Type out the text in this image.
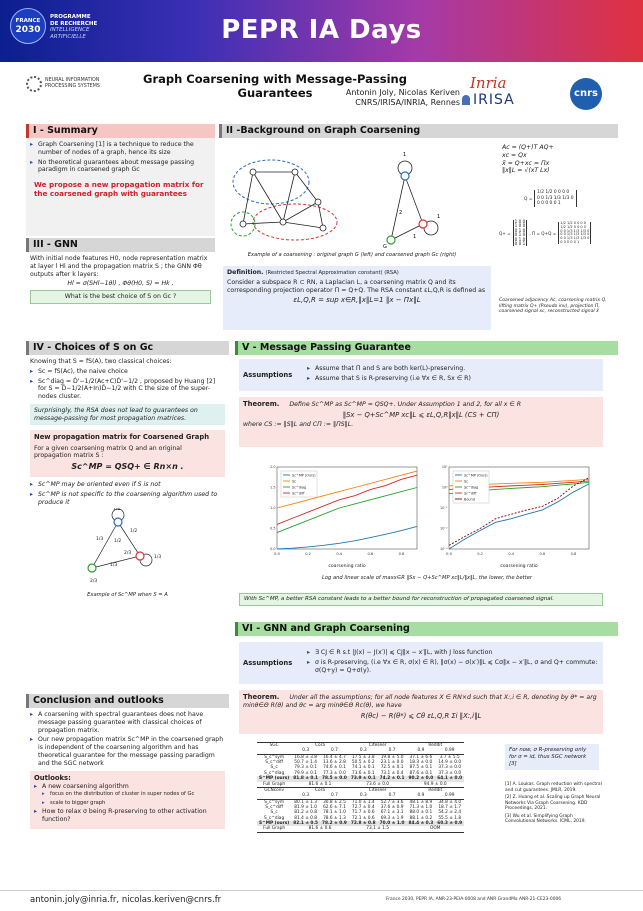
FRANCE
2030
PROGRAMME
DE RECHERCHE
INTELLIGENCE
ARTIFICIELLE	PEPR IA Days
NEURAL INFORMATION
PROCESSING SYSTEMS
Graph Coarsening with Message-Passing Guarantees	Antonin Joly, Nicolas Keriven
CNRS/IRISA/INRIA, Rennes
Inria
IRISA	cnrs
I - Summary
▸ Graph Coarsening [1] is a technique to reduce the number of nodes of a graph, hence its size
▸ No theoretical guarantees about message passing paradigm in coarsened graph Gc
We propose a new propagation matrix for the coarsened graph with guarantees
III - GNN
With initial node features H0, node representation matrix at layer l Hl and the propagation matrix S ; the GNN Φθ outputs after k layers:
Hl = σ(SHl−1θl) , Φθ(H0, S) = Hk ,
What is the best choice of S on Gc ?
II -Background on Graph Coarsening
1
1
2
1
G
Example of a coarsening : original graph G (left) and coarsened graph Gc (right)
Definition. (Restricted Spectral Approximation constant) (RSA)
Consider a subspace R ⊂ RN, a Laplacian L, a coarsening matrix Q and its corresponding projection operator Π = Q+Q. The RSA constant εL,Q,R is defined as
εL,Q,R = sup x∈R,‖x‖L=1 ‖x − Πx‖L
Ac = (Q+)T AQ+
xc = Qx
x̃ = Q+xc = Πx
‖x‖L = √(xT Lx)
Q =
1/2 1/2 0 0 0 0
0 0 1/3 1/3 1/3 0
0 0 0 0 0 1
Q+ =
1 0 0
1 0 0
0 1 0
0 1 0
0 1 0
0 0 1
, Π = Q+Q =
1/2 1/2 0 0 0 0
1/2 1/2 0 0 0 0
0 0 1/3 1/3 1/3 0
0 0 1/3 1/3 1/3 0
0 0 1/3 1/3 1/3 0
0 0 0 0 0 1
Coarsened adjacency Ac, coarsening matrix Q, lifting matrix Q+ (Pseudo inv), projection Π, coarsened signal xc, reconstructed signal x̃
IV - Choices of S on Gc
Knowing that S = fS(A), two classical choices:
▸ Sc = fS(Ac), the naive choice
▸ Sc^diag = D̂'−1/2(Ac+C)D̂'−1/2 , proposed by Huang [2] for S = D̃−1/2(A+In)D̃−1/2 with C the size of the super-nodes cluster.
Surprisingly, the RSA does not lead to guarantees on message-passing for most propagation matrices.
New propagation matrix for Coarsened Graph
For a given coarsening matrix Q and an original propagation matrix S :
Sc^MP = QSQ+ ∈ Rn×n .
▸ Sc^MP may be oriented even if S is not
▸ Sc^MP is not specific to the coarsening algorithm used to produce it
1/2
1/2
1/3 1/2
2/3
1/3
1/3
2/3
Example of Sc^MP when S = A
V - Message Passing Guarantee
Assumptions
▸ Assume that Π and S are both ker(L)-preserving.
▸ Assume that S is R-preserving (i.e ∀x ∈ R, Sx ∈ R)
Theorem. Define Sc^MP as Sc^MP = QSQ+. Under Assumption 1 and 2, for all x ∈ R
‖Sx − Q+Sc^MP xc‖L ⩽ εL,Q,R‖x‖L (CS + CΠ)
where CS := ‖S‖L and CΠ := ‖ΠS‖L.
0.0	0.2	0.4	0.6	0.8
0.0
0.5
1.0
1.5
2.0
Sc^MP (Ours)
Sc
Sc^diag
Sc^diff
coarsening ratio
0.0	0.2	0.4	0.6	0.8
10⁻³
10⁻²
10⁻¹
10⁰
10¹
Sc^MP (Ours)
Sc
Sc^diag
Sc^diff
Bound
coarsening ratio
Log and linear scale of maxx∈R ‖Sx − Q+Sc^MP xc‖L/‖x‖L, the lower, the better
With Sc^MP, a better RSA constant leads to a better bound for reconstruction of propagated coarsened signal.
VI - GNN and Graph Coarsening
Assumptions
▸ ∃ CJ ∈ R s.t |J(x) − J(x′)| ⩽ CJ‖x − x′‖L, with J loss function
▸ σ is R-preserving, (i.e ∀x ∈ R, σ(x) ∈ R), ‖σ(x) − σ(x′)‖L ⩽ Cσ‖x − x′‖L, σ and Q+ commute: σ(Q+y) = Q+σ(y).
Theorem. Under all the assumptions; for all node features X ∈ RN×d such that X:,i ∈ R, denoting by θ* = arg minθ∈Θ R(θ) and θc = arg minθ∈Θ Rc(θ), we have
R(θc) − R(θ*) ⩽ Cθ εL,Q,R Σi ‖X:,i‖L
SGC	Cora		Citeseer		Reddit	
	0.3	0.7	0.3	0.7	0.9	0.99
S_c^sym	16.8 ± 3.8	16.4 ± 4.7	17.5 ± 3.8	19.8 ± 5.0	37.1 ± 6.6	3.7 ± 5.5
S_c^diff	50.7 ± 1.4	13.6 ± 2.8	50.5 ± 0.2	23.1 ± 0.0	18.3 ± 0.0	14.9 ± 0.0
S_c	79.3 ± 0.1	74.6 ± 0.1	74.1 ± 0.1	72.5 ± 0.1	87.5 ± 0.1	37.3 ± 0.0
S_c^diag	79.9 ± 0.1	77.3 ± 0.0	73.6 ± 0.1	73.1 ± 0.4	87.6 ± 0.1	37.3 ± 0.0
S^MP (ours)	81.8 ± 0.1	78.5 ± 0.0	73.9 ± 0.1	74.2 ± 0.1	90.2 ± 0.0	64.1 ± 0.0
Full Graph	81.6 ± 0.1		73.6 ± 0.0		94.9 ± 0.0	
GCNconv	Cora		Citeseer		Reddit	
	0.3	0.7	0.3	0.7	0.9	0.99
S_c^sym	80.1 ± 1.3	30.8 ± 2.5	71.0 ± 1.4	52.7 ± 3.6	48.1 ± 8.9	34.8 ± 4.0
S_c^diff	81.9 ± 1.0	62.6 ± 7.1	72.7 ± 0.4	37.6 ± 0.9	71.3 ± 1.0	18.7 ± 1.7
S_c	81.2 ± 0.8	78.1 ± 1.0	71.7 ± 0.6	67.1 ± 3.1	88.0 ± 0.1	54.2 ± 2.4
S_c^diag	81.4 ± 0.8	78.6 ± 1.3	72.1 ± 0.6	69.3 ± 1.9	88.1 ± 0.2	55.5 ± 1.8
S^MP (ours)	82.1 ± 0.5	78.2 ± 0.9	72.8 ± 0.8	70.0 ± 1.0	84.4 ± 0.3	60.3 ± 0.9
Full Graph	81.6 ± 0.6		73.1 ± 1.5		OOM	
For now, σ R-preserving only for σ = id, thus SGC network [3]
[1] A. Loukas. Graph reduction with spectral and cut guarantees. JMLR, 2019.
[2] Z. Huang et al. Scaling up Graph Neural Networks Via Graph Coarsening. KDD Proceedings, 2021.
[3] Wu et al. Simplifying Graph Convolutional Networks. ICML, 2019.
Conclusion and outlooks
▸ A coarsening with spectral guarantees does not have message passing guarantee with classical choices of propagation matrix.
▸ Our new propagation matrix Sc^MP in the coarsened graph is independent of the coarsening algorithm and has theoretical guarantee for the message passing paradigm and the SGC network
Outlooks:
▸ A new coarsening algorithm
▸ focus on the distribution of cluster in super nodes of Gc
▸ scale to bigger graph
▸ How to relax σ being R-preserving to other activation function?
antonin.joly@inria.fr, nicolas.keriven@cnrs.fr	France 2030, PEPR IA, ANR-23-PEIA-0008 and ANR GrandMa ANR-21-CE23-0006
